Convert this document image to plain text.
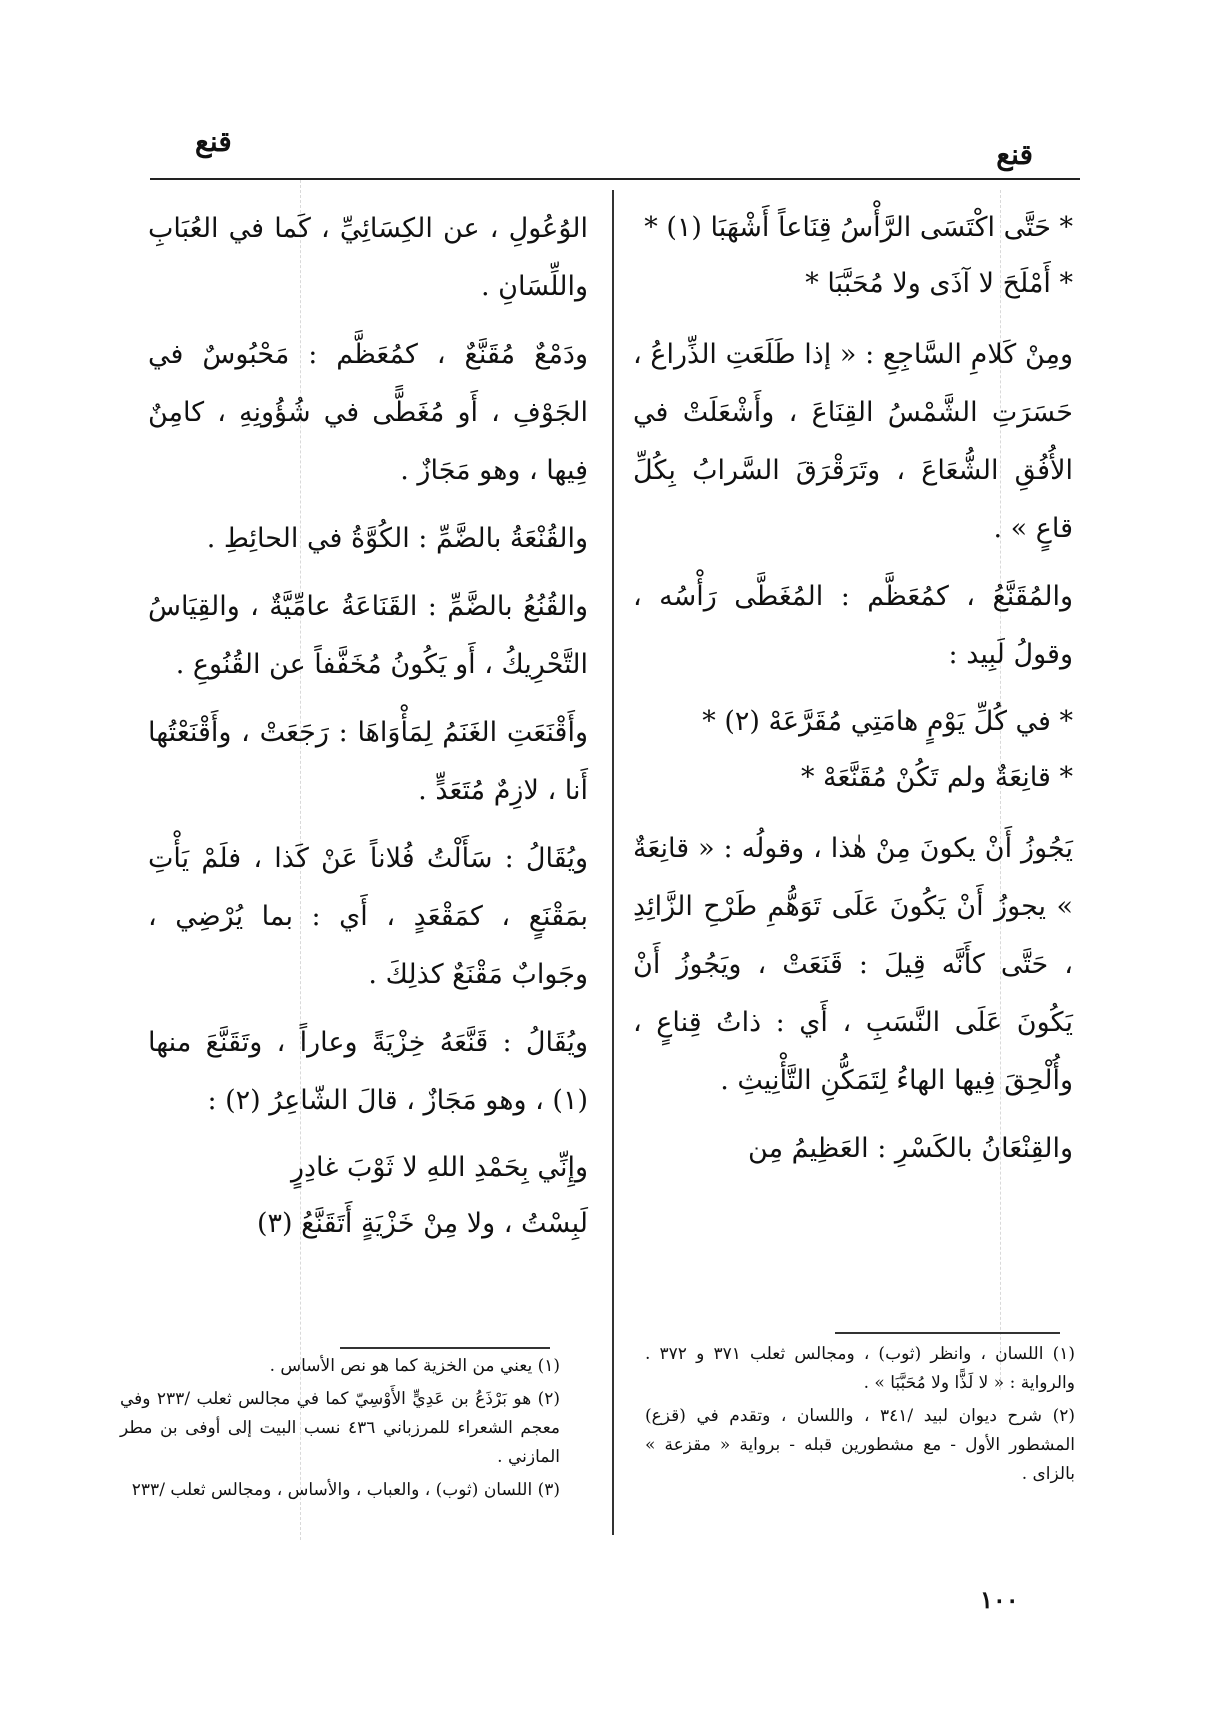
قنع
قنع

* حَتَّى اكْتَسَى الرَّأْسُ قِنَاعاً أَشْهَبَا (١) *

* أَمْلَحَ لا آذَى ولا مُحَبَّبَا *

ومِنْ كَلامِ السَّاجِعِ : « إذا طَلَعَتِ الذِّراعُ ، حَسَرَتِ الشَّمْسُ القِنَاعَ ، وأَشْعَلَتْ في الأُفُقِ الشُّعَاعَ ، وتَرَقْرَقَ السَّرابُ بِكُلِّ قاعٍ » .

والمُقَنَّعُ ، كمُعَظَّم : المُغَطَّى رَأْسُه ، وقولُ لَبِيد :

* في كُلِّ يَوْمٍ هامَتِي مُقَرَّعَهْ (٢) *

* قانِعَةٌ ولم تَكُنْ مُقَنَّعَهْ *

يَجُوزُ أَنْ يكونَ مِنْ هٰذا ، وقولُه : « قانِعَةٌ » يجوزُ أَنْ يَكُونَ عَلَى تَوَهُّمِ طَرْحِ الزَّائِدِ ، حَتَّى كأَنَّه قِيلَ : قَنَعَتْ ، ويَجُوزُ أَنْ يَكُونَ عَلَى النَّسَبِ ، أَي : ذاتُ قِناعٍ ، وأُلْحِقَ فِيها الهاءُ لِتَمَكُّنِ التَّأْنِيثِ .

والقِنْعَانُ بالكَسْرِ : العَظِيمُ مِن

الوُعُولِ ، عن الكِسَائِيِّ ، كَما في العُبَابِ واللِّسَانِ .

ودَمْعٌ مُقَنَّعٌ ، كمُعَظَّم : مَحْبُوسٌ في الجَوْفِ ، أَو مُغَطًّى في شُؤُونِهِ ، كامِنٌ فِيها ، وهو مَجَازٌ .

والقُنْعَةُ بالضَّمِّ : الكُوَّةُ في الحائِطِ .

والقُنُعُ بالضَّمِّ : القَنَاعَةُ عامِّيَّةٌ ، والقِيَاسُ التَّحْرِيكُ ، أَو يَكُونُ مُخَفَّفاً عن القُنُوعِ .

وأَقْنَعَتِ الغَنَمُ لِمَأْوَاهَا : رَجَعَتْ ، وأَقْنَعْتُها أَنا ، لازِمٌ مُتَعَدٍّ .

ويُقَالُ : سَأَلْتُ فُلاناً عَنْ كَذا ، فلَمْ يَأْتِ بمَقْنَعٍ ، كمَقْعَدٍ ، أَي : بما يُرْضِي ، وجَوابٌ مَقْنَعٌ كذلِكَ .

ويُقَالُ : قَنَّعَهُ خِزْيَةً وعاراً ، وتَقَنَّعَ منها (١) ، وهو مَجَازٌ ، قالَ الشّاعِرُ (٢) :

وإِنِّي بِحَمْدِ اللهِ لا ثَوْبَ غادِرٍ

لَبِسْتُ ، ولا مِنْ خَزْيَةٍ أَتَقَنَّعُ (٣)

(١) يعني من الخزية كما هو نص الأساس .

(٢) هو بَرْذَعُ بن عَدِيٍّ الأَوْسِيّ كما في مجالس ثعلب /٢٣٣ وفي معجم الشعراء للمرزباني ٤٣٦ نسب البيت إلى أوفى بن مطر المازني .

(٣) اللسان (ثوب) ، والعباب ، والأساس ، ومجالس ثعلب /٢٣٣

(١) اللسان ، وانظر (ثوب) ، ومجالس ثعلب ٣٧١ و ٣٧٢ . والرواية : « لا لَذًّا ولا مُحَبَّبَا » .

(٢) شرح ديوان لبيد /٣٤١ ، واللسان ، وتقدم في (قزع) المشطور الأول - مع مشطورين قبله - برواية « مقزعة » بالزاى .

١٠٠
